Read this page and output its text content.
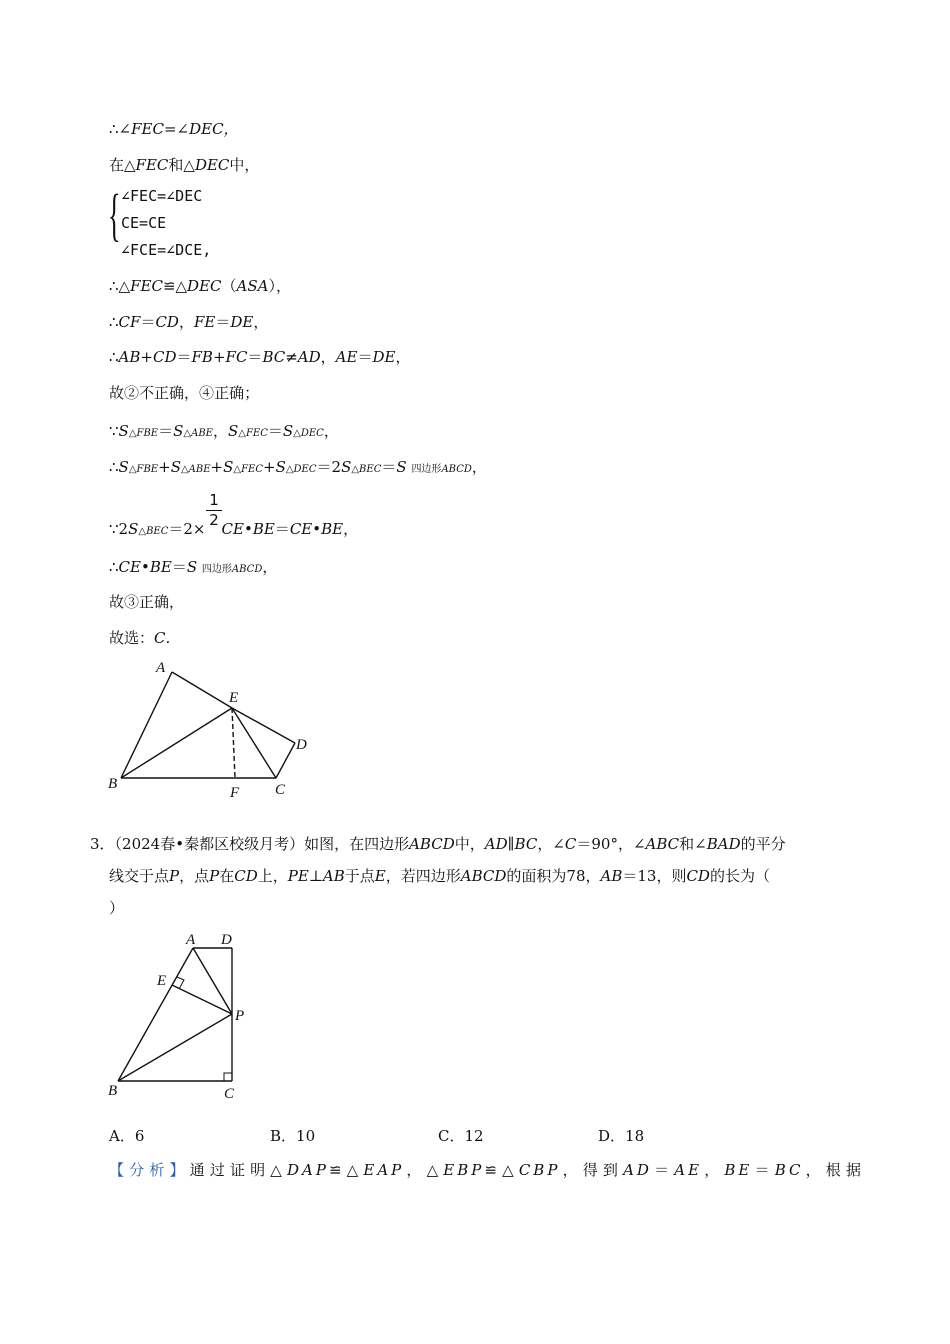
∴∠FEC=∠DEC，
在△FEC和△DEC中，
{ ∠FEC=∠DEC
CE=CE
∠FCE=∠DCE,
∴△FEC≌△DEC（ASA），
∴CF＝CD，FE＝DE，
∴AB+CD＝FB+FC＝BC≠AD，AE＝DE，
故②不正确，④正确；
∵S△FBE＝S△ABE，S△FEC＝S△DEC，
∴S△FBE+S△ABE+S△FEC+S△DEC＝2S△BEC＝S 四边形ABCD，
1
2
∵2S△BEC＝2× CE•BE＝CE•BE，
∴CE•BE＝S 四边形ABCD，
故③正确，
故选：C.
A
E
D
B
F C
3．（2024春•秦都区校级月考）如图，在四边形ABCD中，AD∥BC，∠C＝90°，∠ABC和∠BAD的平分
线交于点P，点P在CD上，PE⊥AB于点E，若四边形ABCD的面积为78，AB＝13，则CD的长为（
）
A D
E
P
B	C
A．6	B．10	C．12	D．18
【分析】通过证明△DAP≌△EAP，△EBP≌△CBP，得到AD＝AE，BE＝BC，根据
